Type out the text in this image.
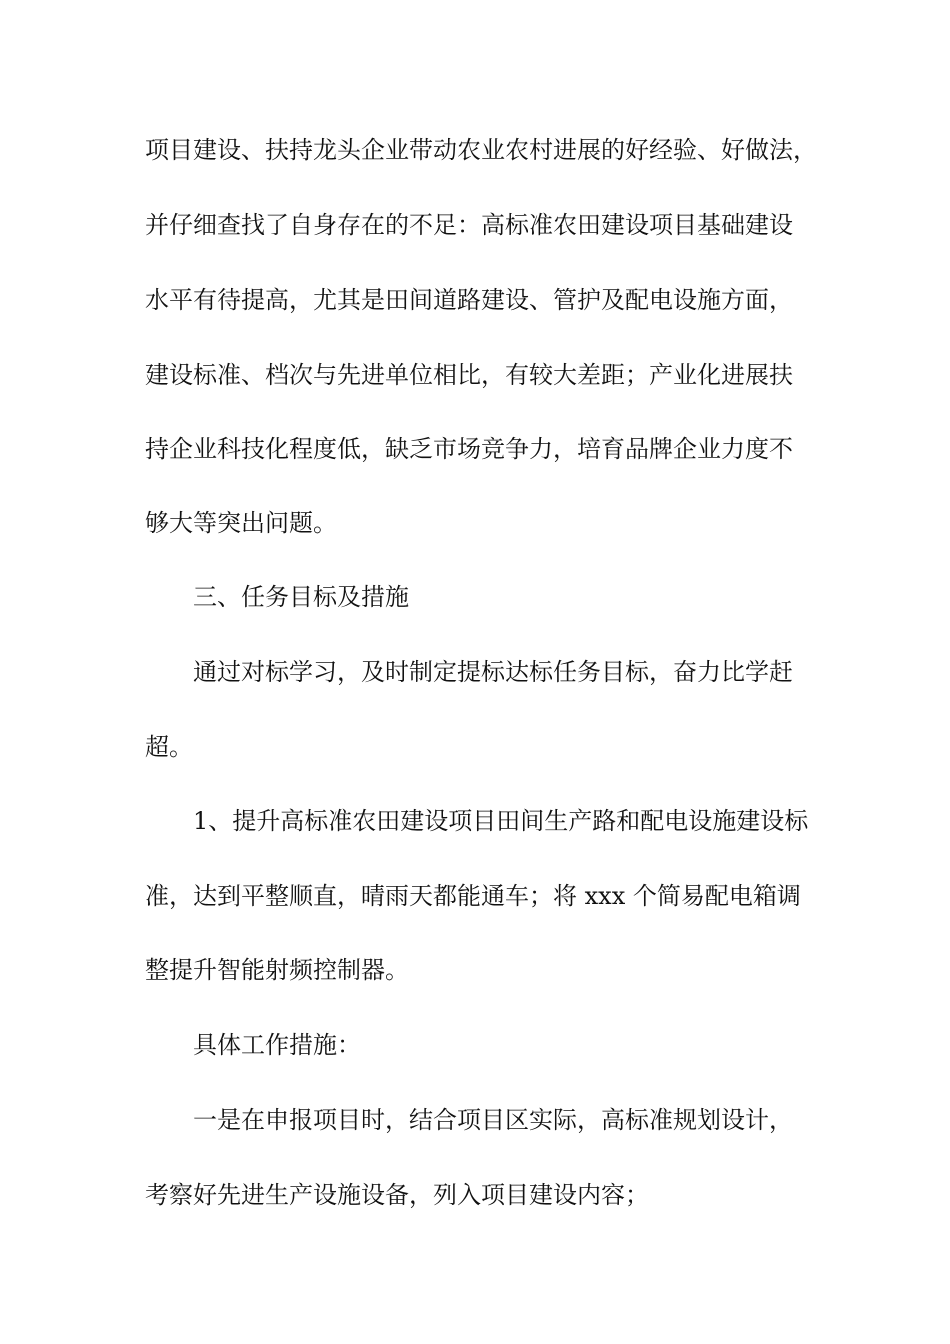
项目建设、扶持龙头企业带动农业农村进展的好经验、好做法，
并仔细查找了自身存在的不足：高标准农田建设项目基础建设
水平有待提高，尤其是田间道路建设、管护及配电设施方面，
建设标准、档次与先进单位相比，有较大差距；产业化进展扶
持企业科技化程度低，缺乏市场竞争力，培育品牌企业力度不
够大等突出问题。
三、任务目标及措施
通过对标学习，及时制定提标达标任务目标，奋力比学赶
超。
1、提升高标准农田建设项目田间生产路和配电设施建设标
准，达到平整顺直，晴雨天都能通车；将 xxx 个简易配电箱调
整提升智能射频控制器。
具体工作措施：
一是在申报项目时，结合项目区实际，高标准规划设计，
考察好先进生产设施设备，列入项目建设内容；
